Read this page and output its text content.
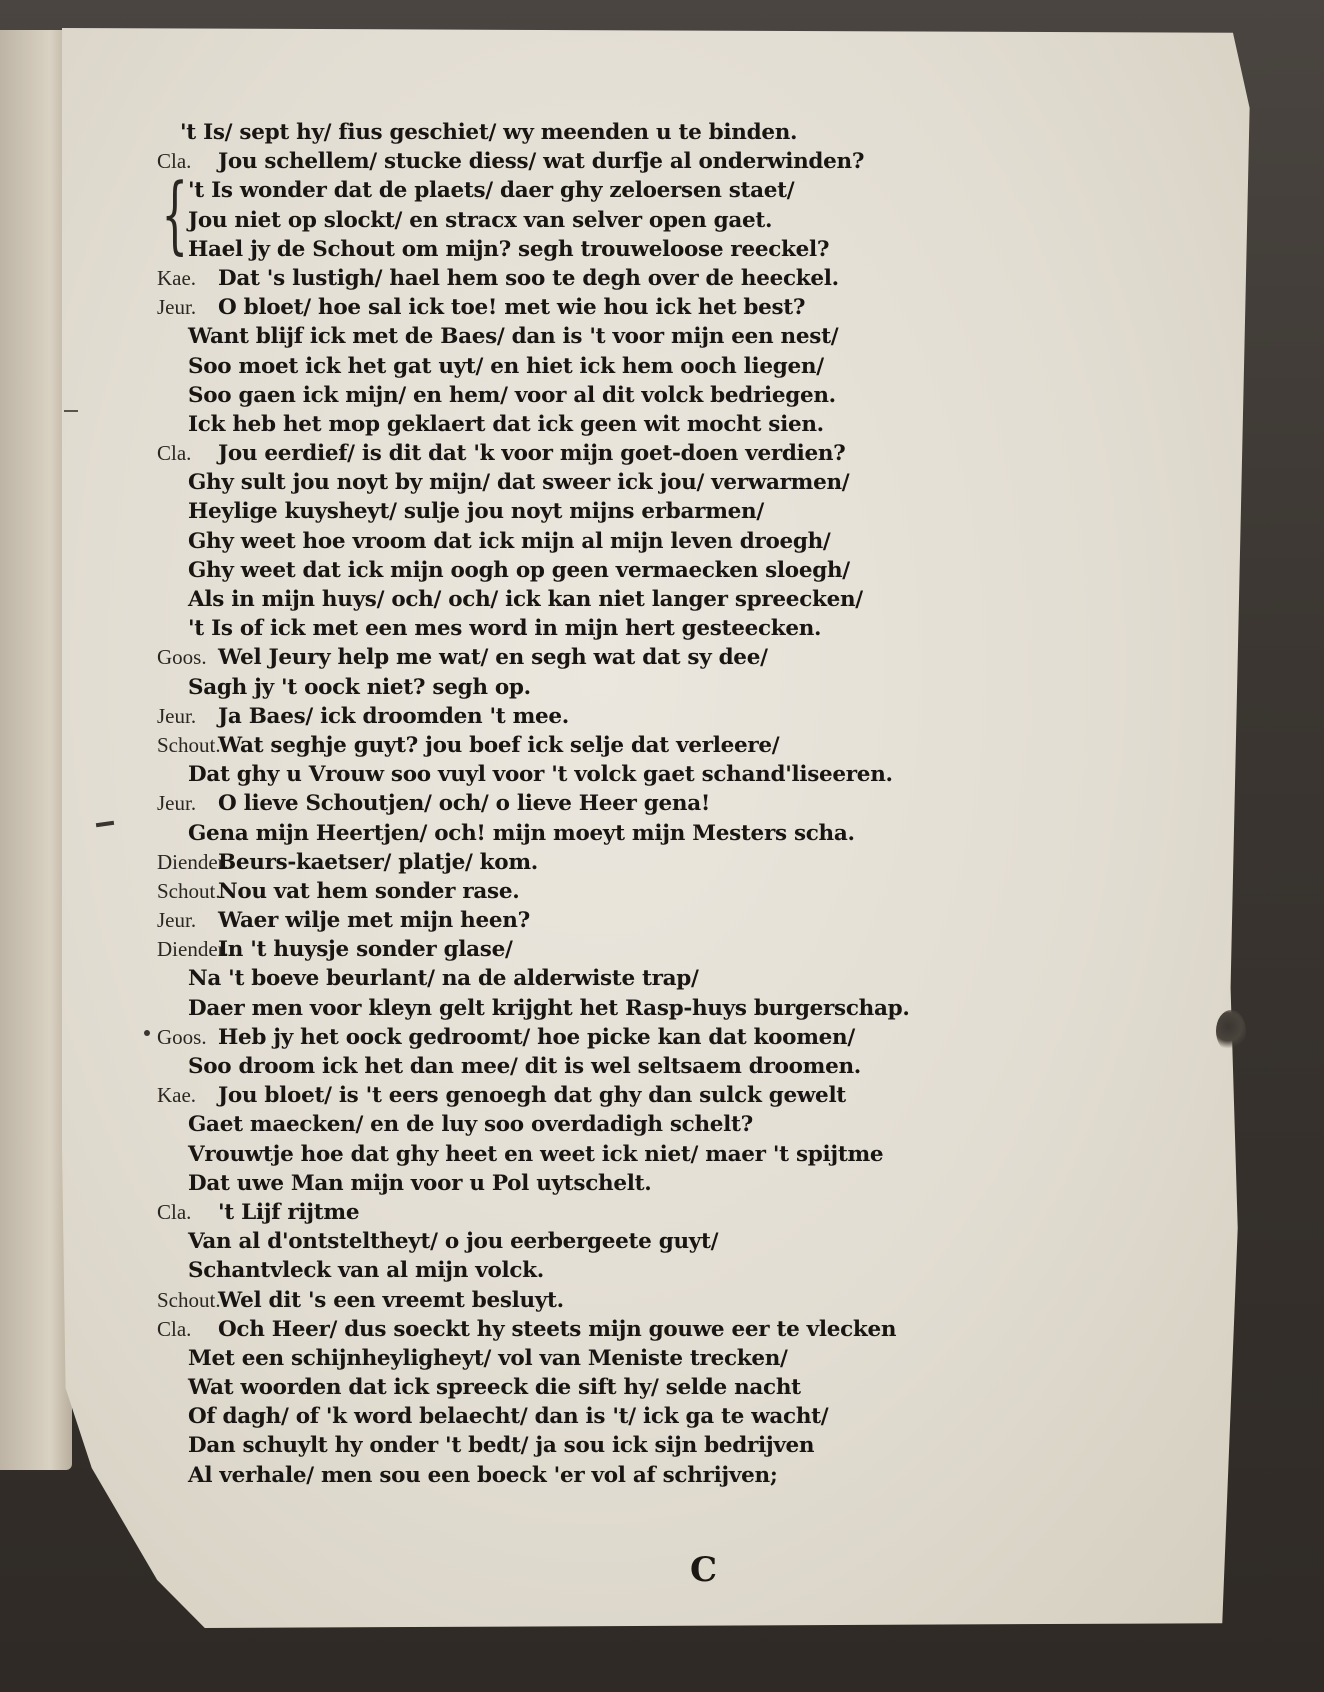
{
't Is/ sept hy/ fius geschiet/ wy meenden u te binden.
Cla. Jou schellem/ stucke diess/ wat durfje al onderwinden?
't Is wonder dat de plaets/ daer ghy zeloersen staet/
Jou niet op slockt/ en stracx van selver open gaet.
Hael jy de Schout om mijn? segh trouweloose reeckel?
Kae. Dat 's lustigh/ hael hem soo te degh over de heeckel.
Jeur. O bloet/ hoe sal ick toe! met wie hou ick het best?
Want blijf ick met de Baes/ dan is 't voor mijn een nest/
Soo moet ick het gat uyt/ en hiet ick hem ooch liegen/
Soo gaen ick mijn/ en hem/ voor al dit volck bedriegen.
Ick heb het mop geklaert dat ick geen wit mocht sien.
Cla. Jou eerdief/ is dit dat 'k voor mijn goet-doen verdien?
Ghy sult jou noyt by mijn/ dat sweer ick jou/ verwarmen/
Heylige kuysheyt/ sulje jou noyt mijns erbarmen/
Ghy weet hoe vroom dat ick mijn al mijn leven droegh/
Ghy weet dat ick mijn oogh op geen vermaecken sloegh/
Als in mijn huys/ och/ och/ ick kan niet langer spreecken/
't Is of ick met een mes word in mijn hert gesteecken.
Goos. Wel Jeury help me wat/ en segh wat dat sy dee/
Sagh jy 't oock niet? segh op.
Jeur. Ja Baes/ ick droomden 't mee.
Schout.
Wat seghje guyt? jou boef ick selje dat verleere/
Dat ghy u Vrouw soo vuyl voor 't volck gaet schand'liseeren.
Jeur. O lieve Schoutjen/ och/ o lieve Heer gena!
Gena mijn Heertjen/ och! mijn moeyt mijn Mesters scha.
Diender.
Beurs-kaetser/ platje/ kom.
Schout.
Nou vat hem sonder rase.
Jeur. Waer wilje met mijn heen?
Diender.
In 't huysje sonder glase/
Na 't boeve beurlant/ na de alderwiste trap/
Daer men voor kleyn gelt krijght het Rasp-huys burgerschap.
Goos. Heb jy het oock gedroomt/ hoe picke kan dat koomen/
Soo droom ick het dan mee/ dit is wel seltsaem droomen.
Kae. Jou bloet/ is 't eers genoegh dat ghy dan sulck gewelt
Gaet maecken/ en de luy soo overdadigh schelt?
Vrouwtje hoe dat ghy heet en weet ick niet/ maer 't spijtme
Dat uwe Man mijn voor u Pol uytschelt.
Cla. 't Lijf rijtme
Van al d'ontsteltheyt/ o jou eerbergeete guyt/
Schantvleck van al mijn volck.
Schout.
Wel dit 's een vreemt besluyt.
Cla. Och Heer/ dus soeckt hy steets mijn gouwe eer te vlecken
Met een schijnheyligheyt/ vol van Meniste trecken/
Wat woorden dat ick spreeck die sift hy/ selde nacht
Of dagh/ of 'k word belaecht/ dan is 't/ ick ga te wacht/
Dan schuylt hy onder 't bedt/ ja sou ick sijn bedrijven
Al verhale/ men sou een boeck 'er vol af schrijven;
C
